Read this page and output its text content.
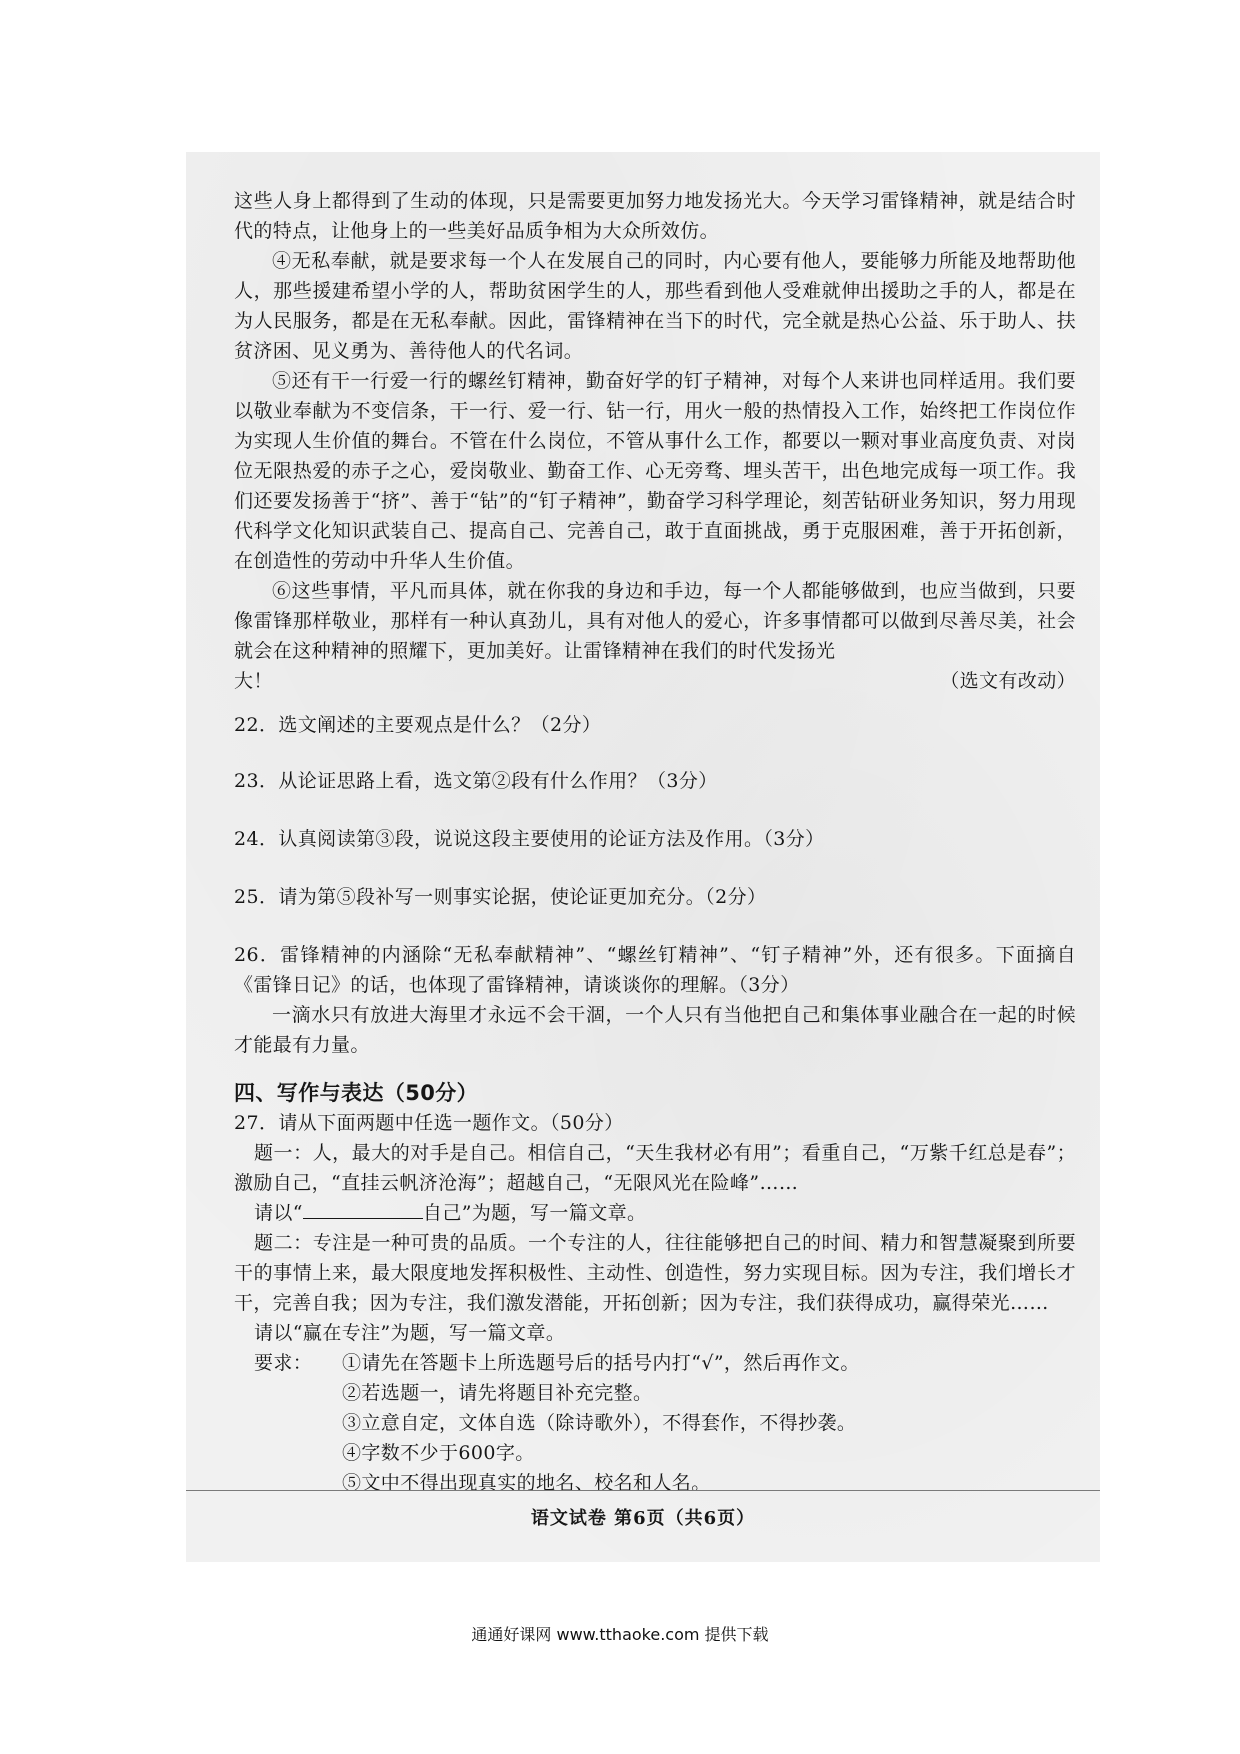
这些人身上都得到了生动的体现，只是需要更加努力地发扬光大。今天学习雷锋精神，就是结合时代的特点，让他身上的一些美好品质争相为大众所效仿。

④无私奉献，就是要求每一个人在发展自己的同时，内心要有他人，要能够力所能及地帮助他人，那些援建希望小学的人，帮助贫困学生的人，那些看到他人受难就伸出援助之手的人，都是在为人民服务，都是在无私奉献。因此，雷锋精神在当下的时代，完全就是热心公益、乐于助人、扶贫济困、见义勇为、善待他人的代名词。

⑤还有干一行爱一行的螺丝钉精神，勤奋好学的钉子精神，对每个人来讲也同样适用。我们要以敬业奉献为不变信条，干一行、爱一行、钻一行，用火一般的热情投入工作，始终把工作岗位作为实现人生价值的舞台。不管在什么岗位，不管从事什么工作，都要以一颗对事业高度负责、对岗位无限热爱的赤子之心，爱岗敬业、勤奋工作、心无旁骛、埋头苦干，出色地完成每一项工作。我们还要发扬善于“挤”、善于“钻”的“钉子精神”，勤奋学习科学理论，刻苦钻研业务知识，努力用现代科学文化知识武装自己、提高自己、完善自己，敢于直面挑战，勇于克服困难，善于开拓创新，在创造性的劳动中升华人生价值。

⑥这些事情，平凡而具体，就在你我的身边和手边，每一个人都能够做到，也应当做到，只要像雷锋那样敬业，那样有一种认真劲儿，具有对他人的爱心，许多事情都可以做到尽善尽美，社会就会在这种精神的照耀下，更加美好。让雷锋精神在我们的时代发扬光

大！	（选文有改动）

22．选文阐述的主要观点是什么？（2分）

23．从论证思路上看，选文第②段有什么作用？（3分）

24．认真阅读第③段，说说这段主要使用的论证方法及作用。（3分）

25．请为第⑤段补写一则事实论据，使论证更加充分。（2分）

26．雷锋精神的内涵除“无私奉献精神”、“螺丝钉精神”、“钉子精神”外，还有很多。下面摘自《雷锋日记》的话，也体现了雷锋精神，请谈谈你的理解。（3分）

一滴水只有放进大海里才永远不会干涸，一个人只有当他把自己和集体事业融合在一起的时候才能最有力量。

四、写作与表达（50分）

27．请从下面两题中任选一题作文。（50分）

题一：人，最大的对手是自己。相信自己，“天生我材必有用”；看重自己，“万紫千红总是春”；激励自己，“直挂云帆济沧海”；超越自己，“无限风光在险峰”……

请以“	自己”为题，写一篇文章。

题二：专注是一种可贵的品质。一个专注的人，往往能够把自己的时间、精力和智慧凝聚到所要干的事情上来，最大限度地发挥积极性、主动性、创造性，努力实现目标。因为专注，我们增长才干，完善自我；因为专注，我们激发潜能，开拓创新；因为专注，我们获得成功，赢得荣光……

请以“赢在专注”为题，写一篇文章。

要求：	①请先在答题卡上所选题号后的括号内打“√”，然后再作文。
②若选题一，请先将题目补充完整。
③立意自定，文体自选（除诗歌外），不得套作，不得抄袭。
④字数不少于600字。
⑤文中不得出现真实的地名、校名和人名。
语文试卷 第6页（共6页）
通通好课网 www.tthaoke.com 提供下载
